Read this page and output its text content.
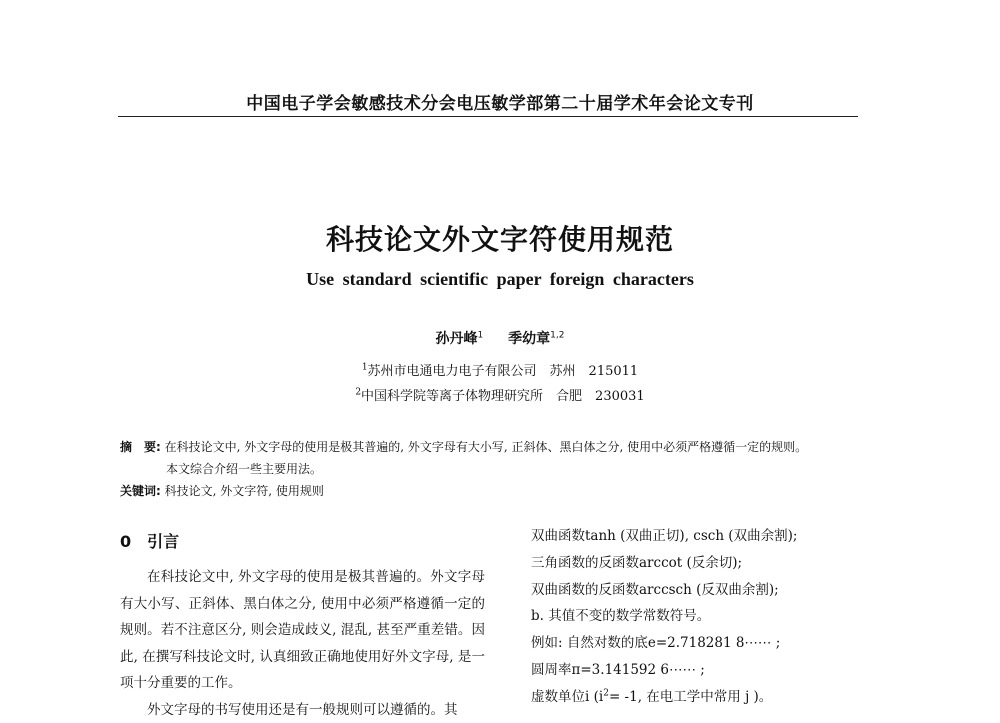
中国电子学会敏感技术分会电压敏学部第二十届学术年会论文专刊
科技论文外文字符使用规范
Use standard scientific paper foreign characters
孙丹峰$^1$ 季幼章$^{1,2}$
$^1$苏州市电通电力电子有限公司　苏州　215011
$^2$中国科学院等离子体物理研究所　合肥　230031
摘　要: 在科技论文中, 外文字母的使用是极其普遍的, 外文字母有大小写, 正斜体、黑白体之分, 使用中必须严格遵循一定的规则。
本文综合介绍一些主要用法。
关键词: 科技论文, 外文字符, 使用规则
0　引言

在科技论文中, 外文字母的使用是极其普遍的。外文字母有大小写、正斜体、黑白体之分, 使用中必须严格遵循一定的规则。若不注意区分, 则会造成歧义, 混乱, 甚至严重差错。因此, 在撰写科技论文时, 认真细致正确地使用好外文字母, 是一项十分重要的工作。

外文字母的书写使用还是有一般规则可以遵循的。其

双曲函数tanh (双曲正切), csch (双曲余割);

三角函数的反函数arccot (反余切);

双曲函数的反函数arccsch (反双曲余割);

b. 其值不变的数学常数符号。

例如: 自然对数的底e=2.718281 8⋯⋯ ;

圆周率π=3.141592 6⋯⋯ ;

虚数单位i ($i^2= -1$, 在电工学中常用 j )。
